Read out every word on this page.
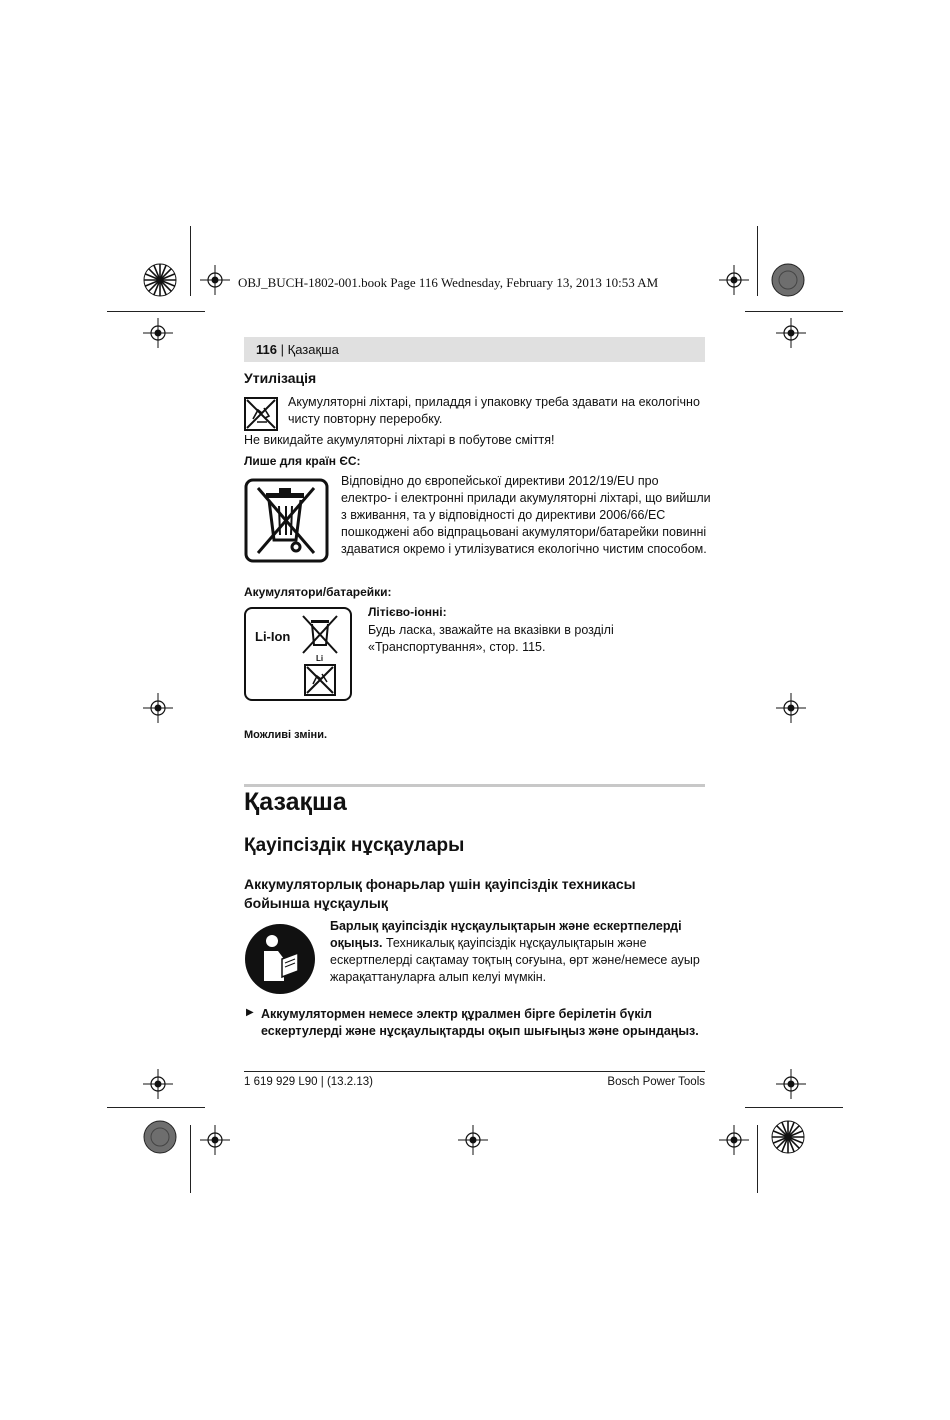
OBJ_BUCH-1802-001.book Page 116 Wednesday, February 13, 2013 10:53 AM
116 | Қазақша
Утилізація
Акумуляторні ліхтарі, приладдя і упаковку треба здавати на екологічно
чисту повторну переробку.
Не викидайте акумуляторні ліхтарі в побутове сміття!
Лише для країн ЄС:
Відповідно до європейської директиви 2012/19/EU про
електро- і електронні прилади акумуляторні ліхтарі, що вийшли
з вживання, та у відповідності до директиви 2006/66/EC
пошкоджені або відпрацьовані акумулятори/батарейки повинні
здаватися окремо і утилізуватися екологічно чистим способом.
Акумулятори/батарейки:
Li-Ion
Li
Літієво-іонні:
Будь ласка, зважайте на вказівки в розділі
«Транспортування», стор. 115.
Можливі зміни.
Қазақша
Қауіпсіздік нұсқаулары
Аккумуляторлық фонарьлар үшін қауіпсіздік техникасы
бойынша нұсқаулық
Барлық қауіпсіздік нұсқаулықтарын және ескертпелерді
оқыңыз. Техникалық қауіпсіздік нұсқаулықтарын және
ескертпелерді сақтамау тоқтың соғуына, өрт және/немесе ауыр
жарақаттануларға алып келуі мүмкін.
▶ Аккумулятормен немесе электр құралмен бірге берілетін бүкіл
ескертулерді және нұсқаулықтарды оқып шығыңыз және орындаңыз.
1 619 929 L90 | (13.2.13)	Bosch Power Tools
